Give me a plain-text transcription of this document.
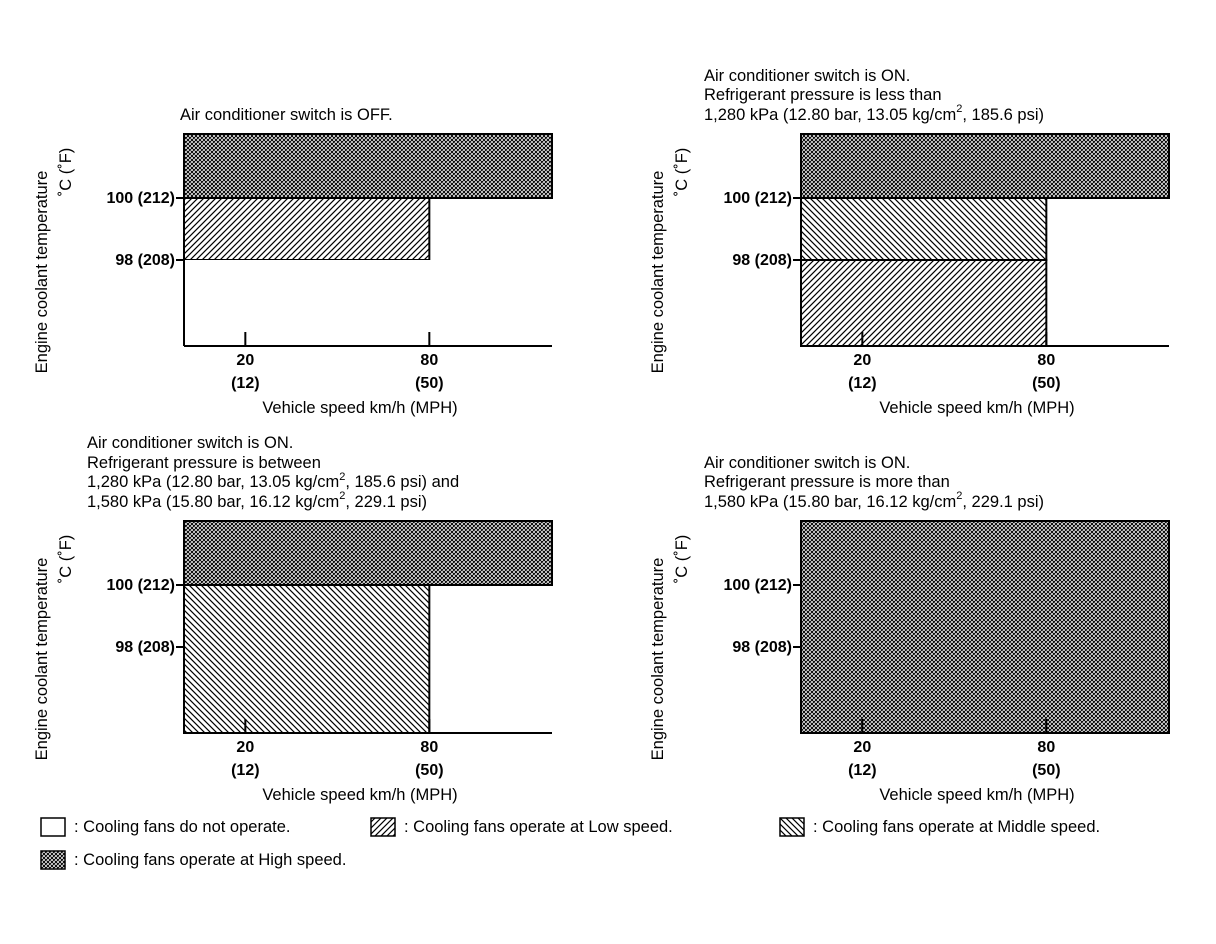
100 (212)
98 (208)
20
(12)
80
(50)
Vehicle speed km/h (MPH)
Engine coolant temperature ˚C (˚F)
100 (212)
98 (208)
20
(12)
80
(50)
Vehicle speed km/h (MPH)
Engine coolant temperature ˚C (˚F)
100 (212)
98 (208)
20
(12)
80
(50)
Vehicle speed km/h (MPH)
Engine coolant temperature ˚C (˚F)
100 (212)
98 (208)
20
(12)
80
(50)
Vehicle speed km/h (MPH)
Engine coolant temperature ˚C (˚F)
Air conditioner switch is OFF.
Air conditioner switch is ON.
Refrigerant pressure is less than
1,280 kPa (12.80 bar, 13.05 $kg/cm^2$, 185.6 psi)
Air conditioner switch is ON.
Refrigerant pressure is between
1,280 kPa (12.80 bar, 13.05 $kg/cm^2$, 185.6 psi) and
1,580 kPa (15.80 bar, 16.12 $kg/cm^2$, 229.1 psi)
Air conditioner switch is ON.
Refrigerant pressure is more than
1,580 kPa (15.80 bar, 16.12 $kg/cm^2$, 229.1 psi)
: Cooling fans do not operate.	: Cooling fans operate at Low speed.	: Cooling fans operate at Middle speed.
: Cooling fans operate at High speed.
